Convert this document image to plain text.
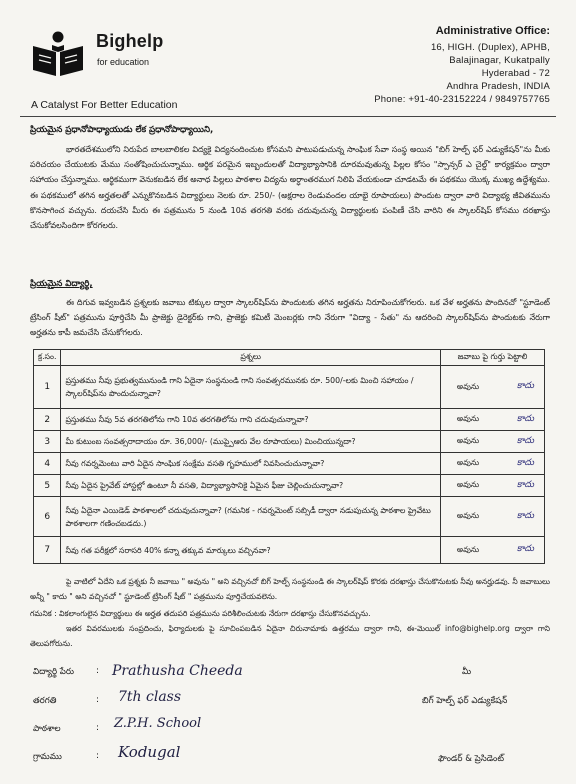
Bighelp
for education
A Catalyst For Better Education
Administrative Office:
16, HIGH. (Duplex), APHB,
Balajinagar, Kukatpally
Hyderabad - 72
Andhra Pradesh, INDIA
Phone: +91-40-23152224 / 9849757765
ప్రియమైన ప్రధానోపాధ్యాయుడు లేక ప్రధానోపాధ్యాయిని,

భారతదేశములోని నిరుపేద బాలబాలికల విద్యకై విద్యనందించుట కోసమని పాటుపడుచున్న సాంఘిక సేవా సంస్థ అయిన "బిగ్ హెల్ప్ ఫర్ ఎడ్యుకేషన్"ను మీకు పరిచయం చేయుటకు మేము సంతోషించుచున్నాము. ఆర్థిక పరమైన ఇబ్బందులతో విద్యాభ్యాసానికి దూరమవుతున్న పిల్లల కోసం "స్పాన్సర్ ఎ చైల్డ్" కార్యక్రమం ద్వారా సహాయం చేస్తున్నాము. ఆర్థికముగా వెనుకబడిన లేక అనాధ పిల్లలు పాఠశాల విద్యను అర్ధాంతరముగ నిలిపి వేయకుండా చూడటమే ఈ పథకము యొక్క ముఖ్య ఉద్దేశ్యము. ఈ పథకములో తగిన అర్హతలతో ఎన్నుకొనబడిన విద్యార్థులు నెలకు రూ. 250/- (అక్షరాల రెండువందల యాభై రూపాయలు) పొందుట ద్వారా వారి విద్యాభ్య జీవితమును కొనసాగించ వచ్చును. దయచేసి మీరు ఈ పత్రమును 5 నుండి 10వ తరగతి వరకు చదువుచున్న విద్యార్థులకు పంపిణీ చేసి వారిని ఈ స్కాలర్‌షిప్ కోసము దరఖాస్తు చేసుకోవలసిందిగా కోరగలరు.

ప్రియమైన విద్యార్థి,

ఈ దిగువ ఇవ్వబడిన ప్రశ్నలకు జవాబు టిక్కుల ద్వారా స్కాలర్‌షిప్‌ను పొందుటకు తగిన అర్హతను నిరూపించుకోగలరు. ఒక వేళ అర్హతను పొందినచో "స్టూడెంట్ ట్రేసింగ్ షీట్" పత్రమును పూర్తిచేసి మీ ప్రాజెక్టు డైరెక్టర్‌కు గాని, ప్రాజెక్టు కమిటీ మెంబర్లకు గాని నేరుగా "విద్యా - సేతు" ను ఆదరించి స్కాలర్‌షిప్‌ను పొందుటకు నేరుగా అర్హతను కాపీ జమచేసి చేసుకోగలరు.

క్ర.సం.	ప్రశ్నలు	జవాబు పై గుర్తు పెట్టాలి
1	ప్రస్తుతము నీవు ప్రభుత్వమునుండి గాని ఏదైనా సంస్థనుండి గాని సంవత్సరమునకు రూ. 500/-లకు మించి సహాయం / స్కాలర్‌షిప్‌ను పొందుచున్నావా?	అవును కాదు

2	ప్రస్తుతము నీవు 5వ తరగతిలోను గాని 10వ తరగతిలోను గాని చదువుచున్నావా?	అవును కాదు

3	మీ కుటుంబ సంవత్సరాదాయం రూ. 36,000/- (ముప్పైఆరు వేల రూపాయలు) మించియున్నదా?	అవును కాదు

4	నీవు గవర్నమెంటు వారి ఏదైన సాంఘిక సంక్షేమ వసతి గృహములో నివసించుచున్నావా?	అవును కాదు

5	నీవు ఏదైన ప్రైవేట్ హాస్టల్లో ఉంటూ నీ వసతి, విద్యాభ్యాసానికై ఏమైన ఫీజు చెల్లించుచున్నావా?	అవును కాదు

6	నీవు ఏదైనా ఎయిడెడ్ పాఠశాలలో చదువుచున్నావా? (గమనిక - గవర్నమెంట్ సబ్సిడీ ద్వారా నడుపుచున్న పాఠశాల ప్రైవేటు పాఠశాలగా గణించబడదు.)	అవును కాదు

7	నీవు గత పరీక్షలో సరాసరి 40% కన్నా తక్కువ మార్కులు వచ్చినవా?	అవును కాదు

పై వాటిలో ఏదేని ఒక ప్రశ్నకు నీ జవాబు " అవును " అని వచ్చినచో బిగ్ హెల్ప్ సంస్థనుండి ఈ స్కాలర్‌షిప్ కొరకు దరఖాస్తు చేసుకొనుటకు నీవు అనర్హుడవు. నీ జవాబులు అన్నీ " కాదు " అని వచ్చినచో " స్టూడెంట్ ట్రేసింగ్ షీట్ " పత్రమును పూర్తిచేయవలెను.

గమనిక : వికలాంగులైన విద్యార్థులు ఈ అర్హత తదుపరి పత్రమును పరిశీలించుటకు నేరుగా దరఖాస్తు చేసుకొనవచ్చును.

ఇతర వివరములకు సంప్రదించు, ఫిర్యాదులకు పై సూచింపబడిన ఏదైనా చిరునామాకు ఉత్తరము ద్వారా గాని, ఈ-మెయిల్ info@bighelp.org ద్వారా గాని తెలుపగోరును.

విద్యార్థి పేరు : Prathusha Cheeda
తరగతి	: 7th class
పాఠశాల	: Z.P.H. School
గ్రామము	: Kodugal
మీ
బిగ్ హెల్ప్ ఫర్ ఎడ్యుకేషన్
ఫౌండర్ & ప్రెసిడెంట్
